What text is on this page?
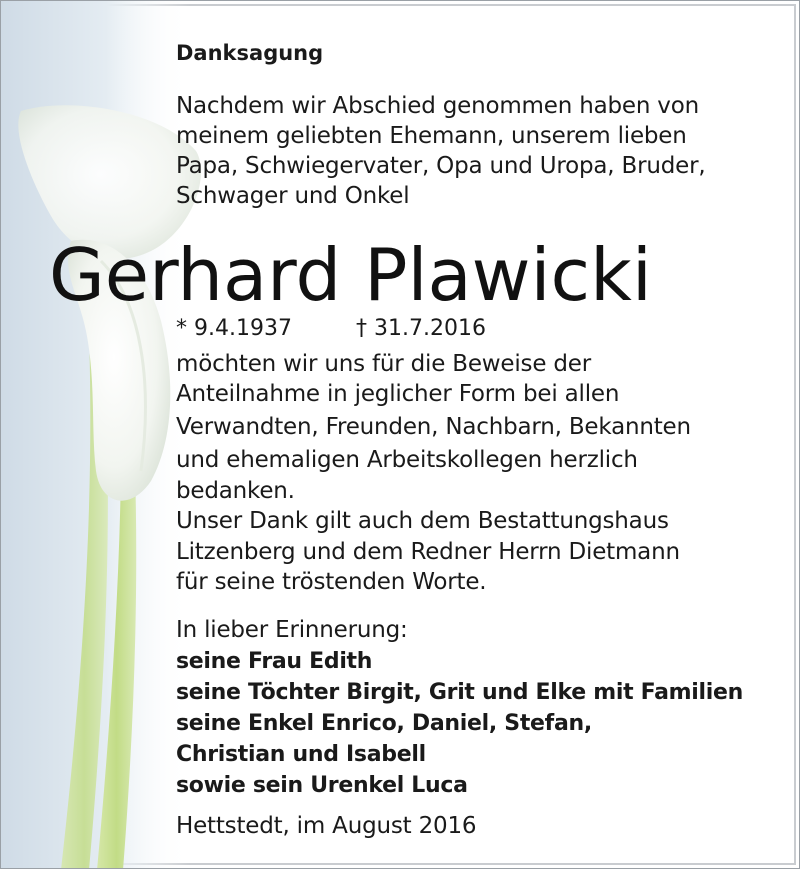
Danksagung
Nachdem wir Abschied genommen haben von
meinem geliebten Ehemann, unserem lieben
Papa, Schwiegervater, Opa und Uropa, Bruder,
Schwager und Onkel
Gerhard Plawicki
* 9.4.1937	† 31.7.2016
möchten wir uns für die Beweise der
Anteilnahme in jeglicher Form bei allen
Verwandten, Freunden, Nachbarn, Bekannten
und ehemaligen Arbeitskollegen herzlich
bedanken.
Unser Dank gilt auch dem Bestattungshaus
Litzenberg und dem Redner Herrn Dietmann
für seine tröstenden Worte.
In lieber Erinnerung:
seine Frau Edith
seine Töchter Birgit, Grit und Elke mit Familien
seine Enkel Enrico, Daniel, Stefan,
Christian und Isabell
sowie sein Urenkel Luca
Hettstedt, im August 2016
